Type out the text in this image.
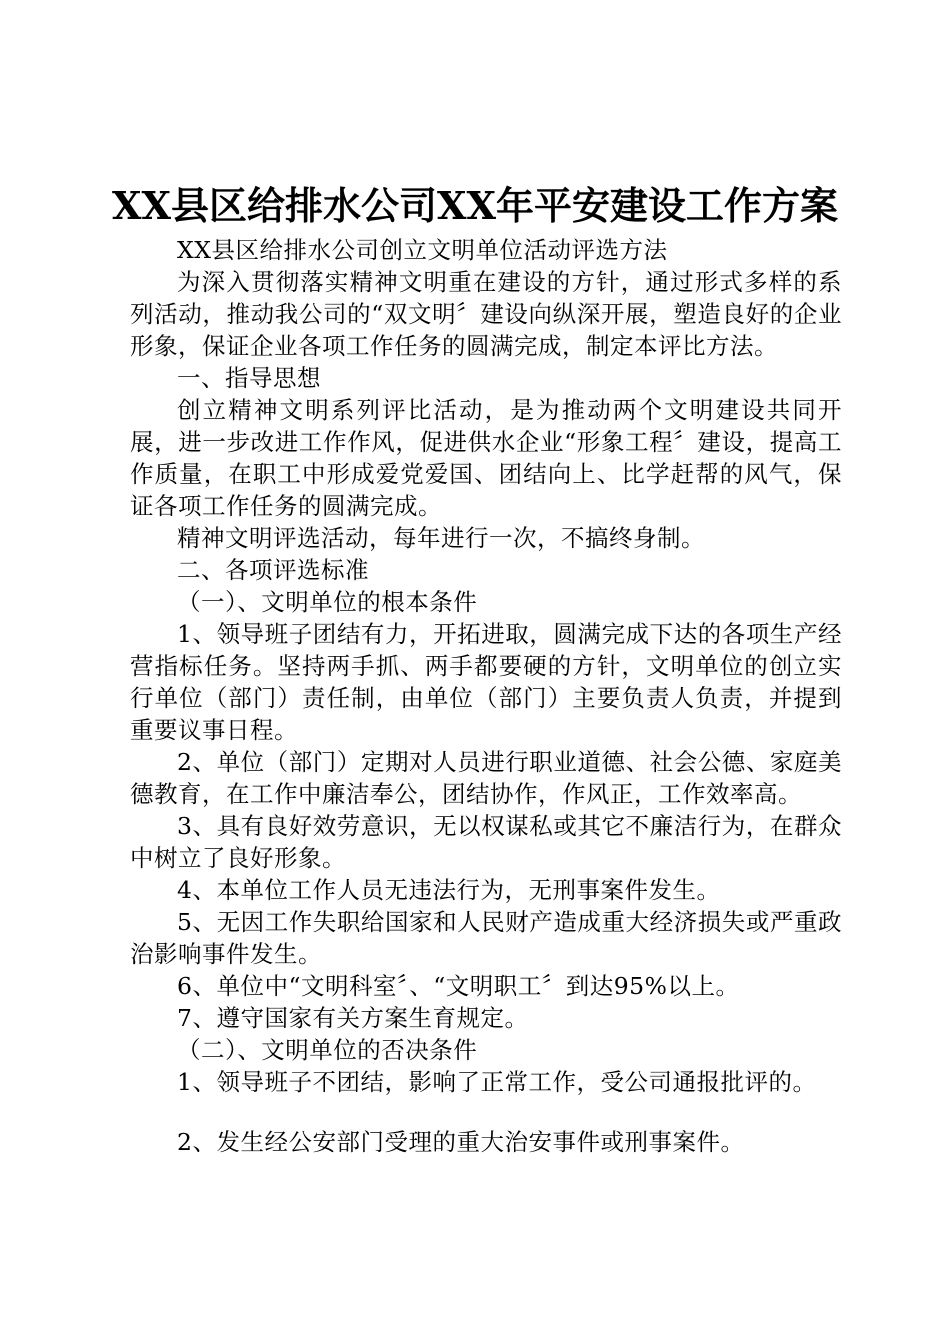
XX县区给排水公司XX年平安建设工作方案

XX县区给排水公司创立文明单位活动评选方法

为深入贯彻落实精神文明重在建设的方针，通过形式多样的系列活动，推动我公司的“双文明〞建设向纵深开展，塑造良好的企业形象，保证企业各项工作任务的圆满完成，制定本评比方法。

一、指导思想

创立精神文明系列评比活动，是为推动两个文明建设共同开展，进一步改进工作作风，促进供水企业“形象工程〞建设，提高工作质量，在职工中形成爱党爱国、团结向上、比学赶帮的风气，保证各项工作任务的圆满完成。

精神文明评选活动，每年进行一次，不搞终身制。

二、各项评选标准

（一）、文明单位的根本条件

1、领导班子团结有力，开拓进取，圆满完成下达的各项生产经营指标任务。坚持两手抓、两手都要硬的方针，文明单位的创立实行单位（部门）责任制，由单位（部门）主要负责人负责，并提到重要议事日程。

2、单位（部门）定期对人员进行职业道德、社会公德、家庭美德教育，在工作中廉洁奉公，团结协作，作风正，工作效率高。

3、具有良好效劳意识，无以权谋私或其它不廉洁行为，在群众中树立了良好形象。

4、本单位工作人员无违法行为，无刑事案件发生。

5、无因工作失职给国家和人民财产造成重大经济损失或严重政治影响事件发生。

6、单位中“文明科室〞、“文明职工〞到达95%以上。

7、遵守国家有关方案生育规定。

（二）、文明单位的否决条件

1、领导班子不团结，影响了正常工作，受公司通报批评的。

2、发生经公安部门受理的重大治安事件或刑事案件。
